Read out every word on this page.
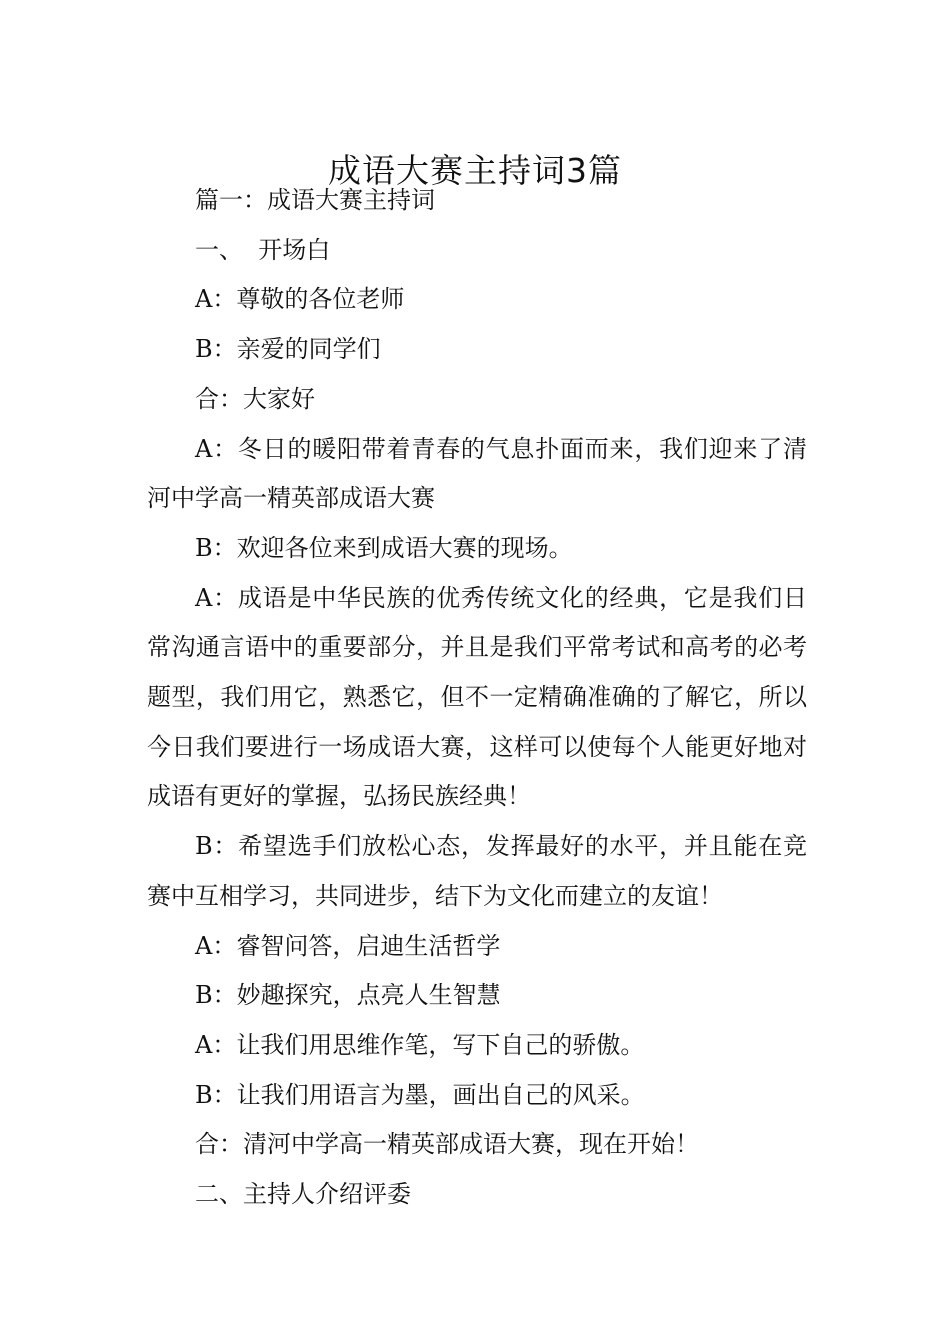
成语大赛主持词3篇

篇一：成语大赛主持词

一、  开场白

A：尊敬的各位老师

B：亲爱的同学们

合：大家好

A：冬日的暖阳带着青春的气息扑面而来，我们迎来了清河中学高一精英部成语大赛

B：欢迎各位来到成语大赛的现场。

A：成语是中华民族的优秀传统文化的经典，它是我们日常沟通言语中的重要部分，并且是我们平常考试和高考的必考题型，我们用它，熟悉它，但不一定精确准确的了解它，所以今日我们要进行一场成语大赛，这样可以使每个人能更好地对成语有更好的掌握，弘扬民族经典！

B：希望选手们放松心态，发挥最好的水平，并且能在竞赛中互相学习，共同进步，结下为文化而建立的友谊！

A：睿智问答，启迪生活哲学

B：妙趣探究，点亮人生智慧

A：让我们用思维作笔，写下自己的骄傲。

B：让我们用语言为墨，画出自己的风采。

合：清河中学高一精英部成语大赛，现在开始！

二、主持人介绍评委
